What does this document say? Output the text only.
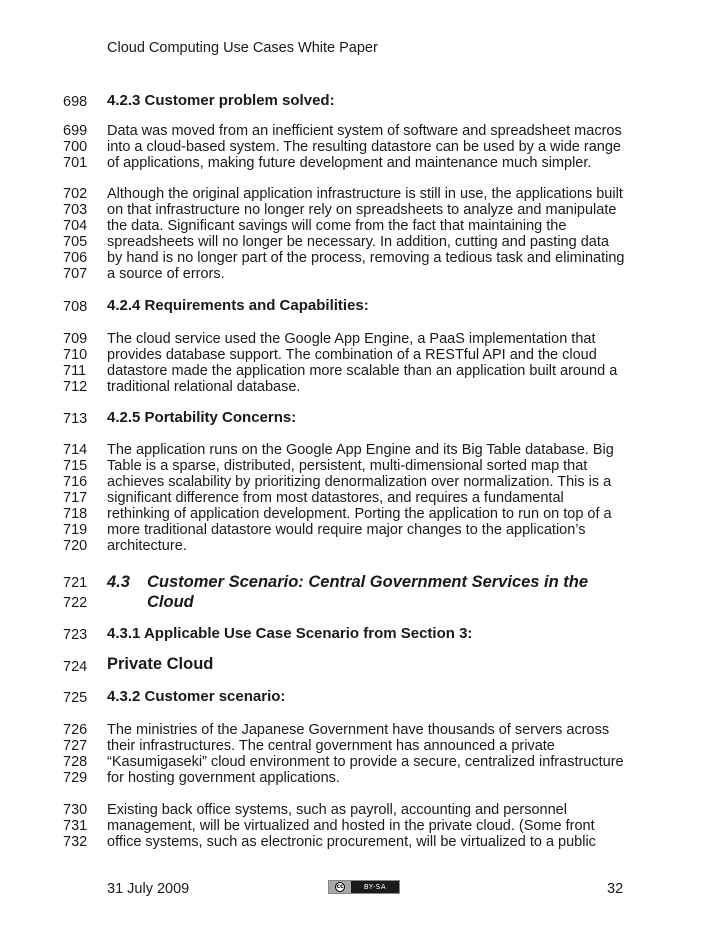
Cloud Computing Use Cases White Paper
698 4.2.3 Customer problem solved:
699 Data was moved from an inefficient system of software and spreadsheet macros
700 into a cloud-based system. The resulting datastore can be used by a wide range
701 of applications, making future development and maintenance much simpler.
702 Although the original application infrastructure is still in use, the applications built
703 on that infrastructure no longer rely on spreadsheets to analyze and manipulate
704 the data. Significant savings will come from the fact that maintaining the
705 spreadsheets will no longer be necessary. In addition, cutting and pasting data
706 by hand is no longer part of the process, removing a tedious task and eliminating
707 a source of errors.
708 4.2.4 Requirements and Capabilities:
709 The cloud service used the Google App Engine, a PaaS implementation that
710 provides database support. The combination of a RESTful API and the cloud
711 datastore made the application more scalable than an application built around a
712 traditional relational database.
713 4.2.5 Portability Concerns:
714 The application runs on the Google App Engine and its Big Table database. Big
715 Table is a sparse, distributed, persistent, multi-dimensional sorted map that
716 achieves scalability by prioritizing denormalization over normalization. This is a
717 significant difference from most datastores, and requires a fundamental
718 rethinking of application development. Porting the application to run on top of a
719 more traditional datastore would require major changes to the application’s
720 architecture.
723 4.3.1 Applicable Use Case Scenario from Section 3:
725 4.3.2 Customer scenario:
726 The ministries of the Japanese Government have thousands of servers across
727 their infrastructures. The central government has announced a private
728 “Kasumigaseki” cloud environment to provide a secure, centralized infrastructure
729 for hosting government applications.
730 Existing back office systems, such as payroll, accounting and personnel
731 management, will be virtualized and hosted in the private cloud. (Some front
732 office systems, such as electronic procurement, will be virtualized to a public
721
722
4.3 Customer Scenario: Central Government Services in the
Cloud
724 Private Cloud
31 July 2009	cc	BY-SA	32
